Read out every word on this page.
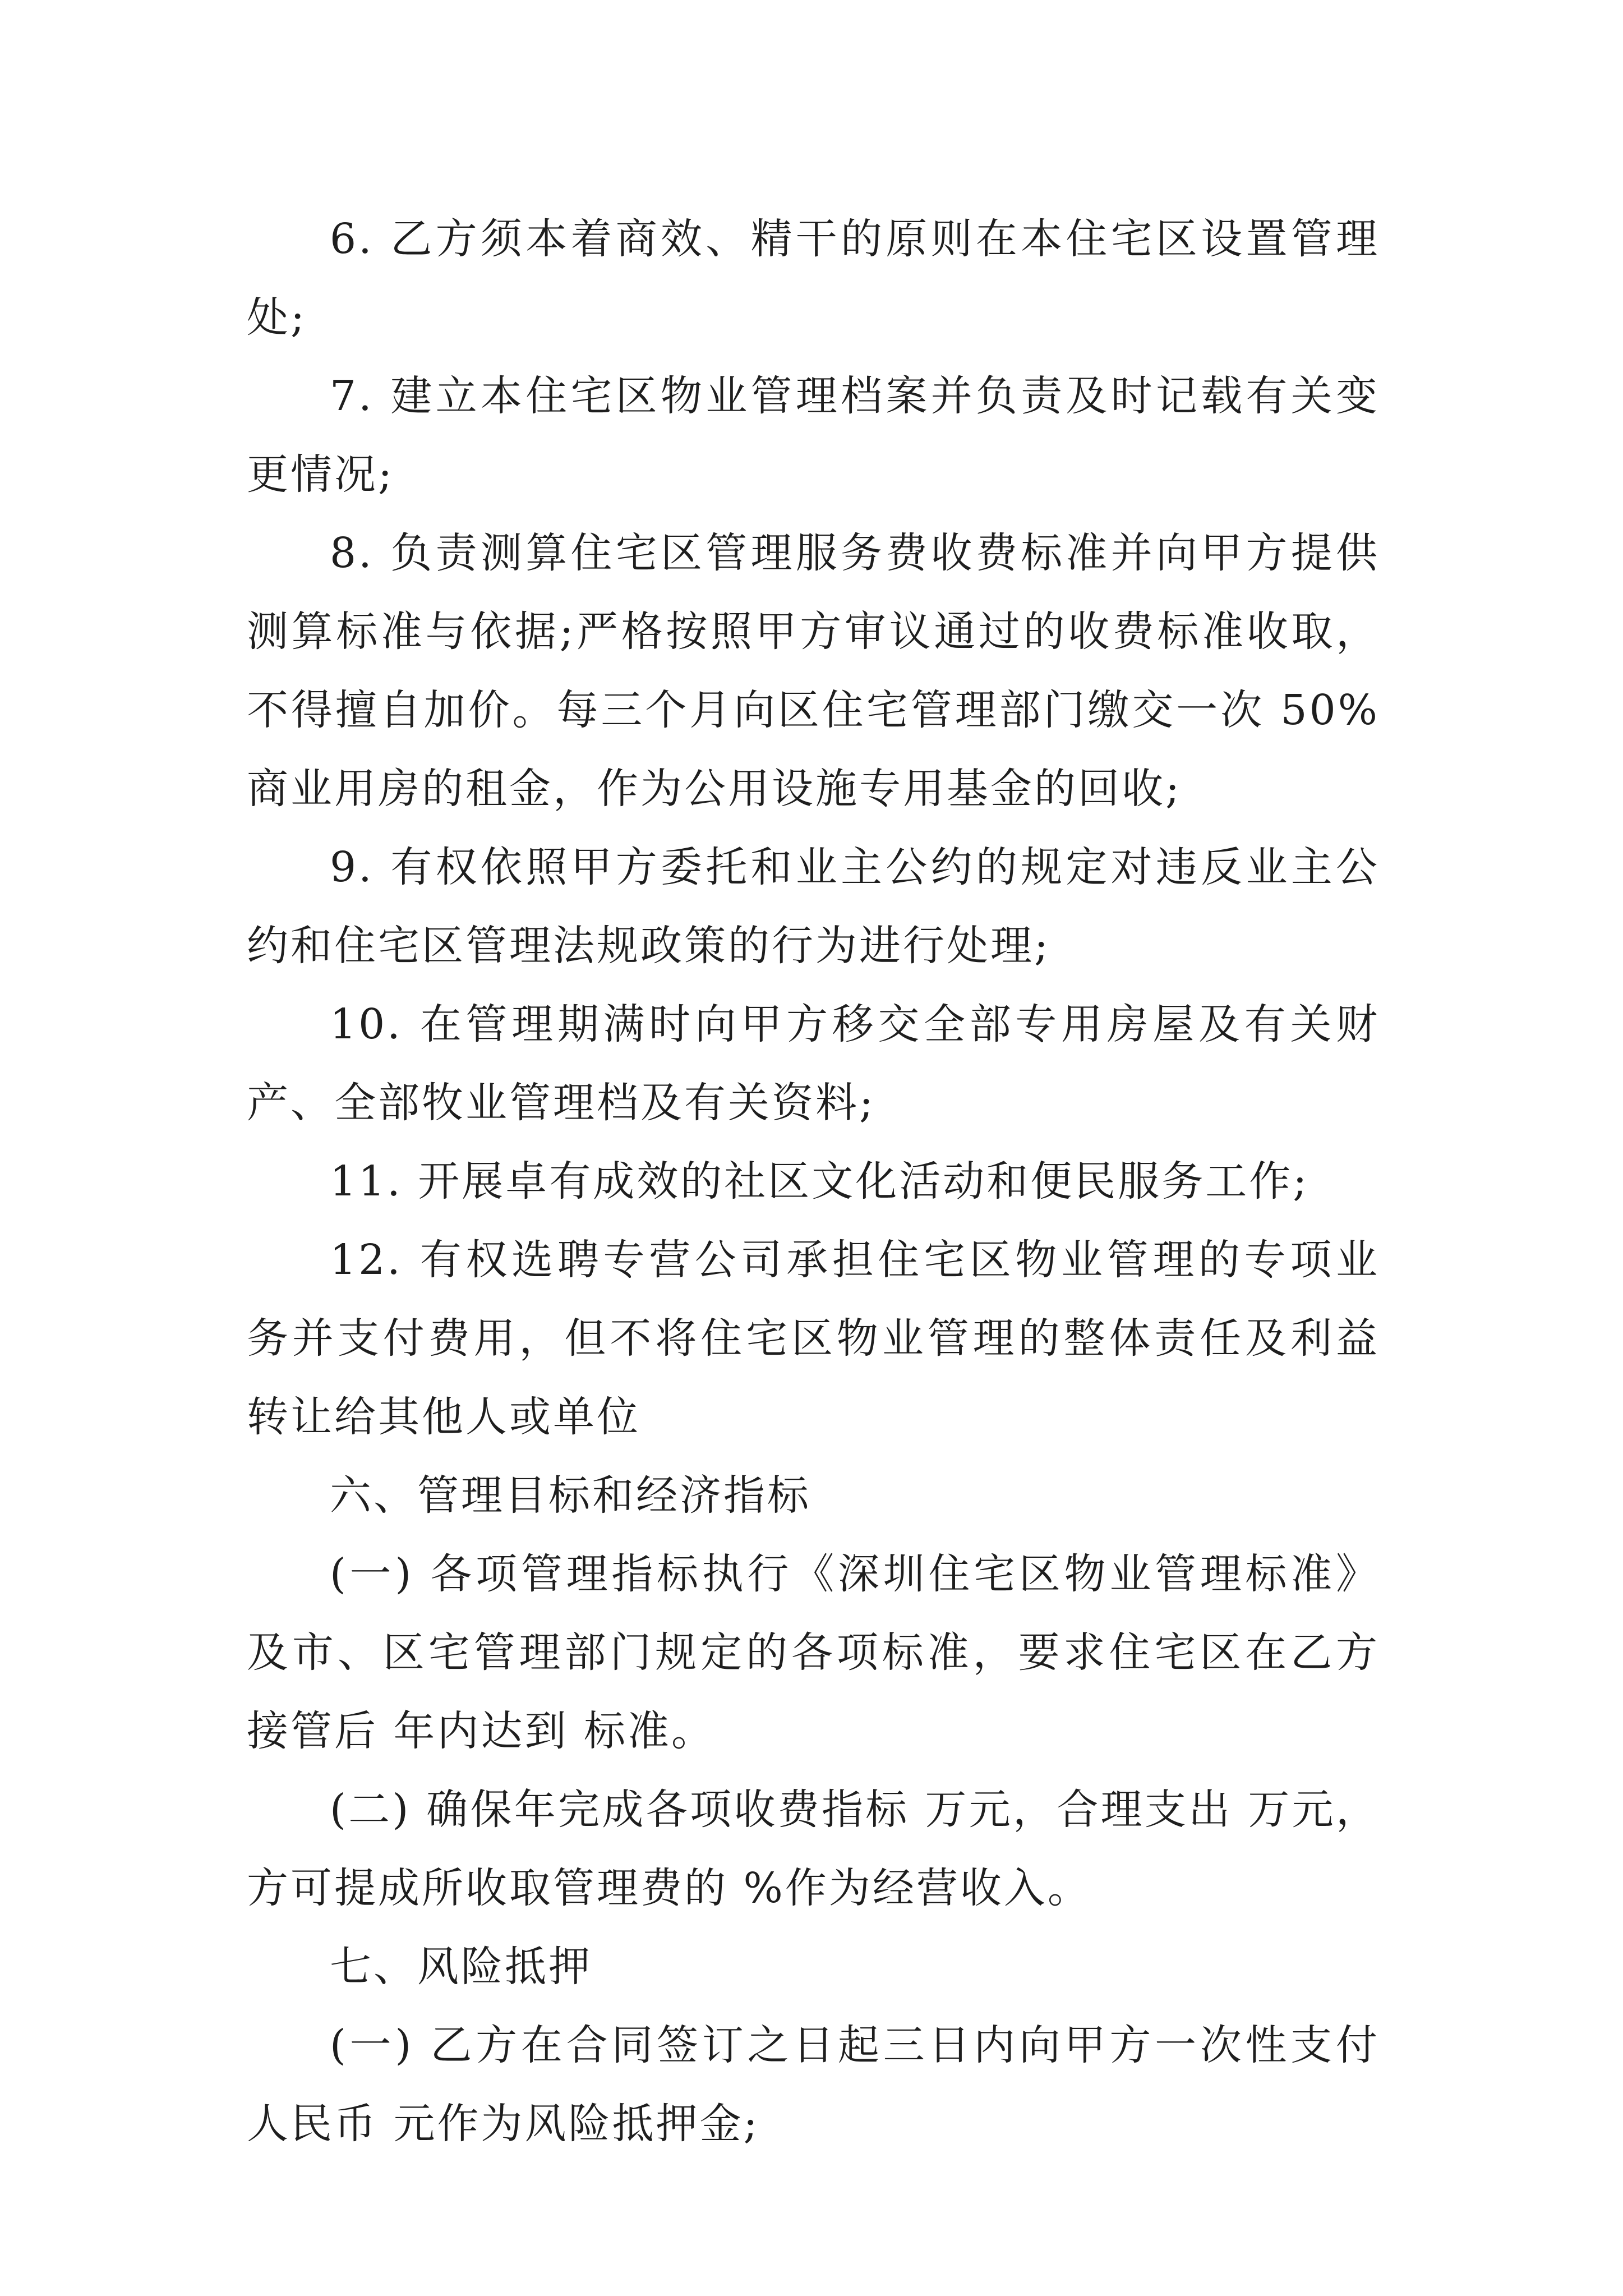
6. 乙方须本着商效、精干的原则在本住宅区设置管理处;

7. 建立本住宅区物业管理档案并负责及时记载有关变更情况;

8. 负责测算住宅区管理服务费收费标准并向甲方提供测算标准与依据;严格按照甲方审议通过的收费标准收取，不得擅自加价。每三个月向区住宅管理部门缴交一次 50%商业用房的租金，作为公用设施专用基金的回收;

9. 有权依照甲方委托和业主公约的规定对违反业主公约和住宅区管理法规政策的行为进行处理;

10. 在管理期满时向甲方移交全部专用房屋及有关财产、全部牧业管理档及有关资料;

11. 开展卓有成效的社区文化活动和便民服务工作;

12. 有权选聘专营公司承担住宅区物业管理的专项业务并支付费用，但不将住宅区物业管理的整体责任及利益转让给其他人或单位

六、管理目标和经济指标

(一) 各项管理指标执行《深圳住宅区物业管理标准》及市、区宅管理部门规定的各项标准，要求住宅区在乙方接管后 年内达到 标准。

(二) 确保年完成各项收费指标 万元，合理支出 万元，方可提成所收取管理费的 %作为经营收入。

七、风险抵押

(一) 乙方在合同签订之日起三日内向甲方一次性支付人民币 元作为风险抵押金;
